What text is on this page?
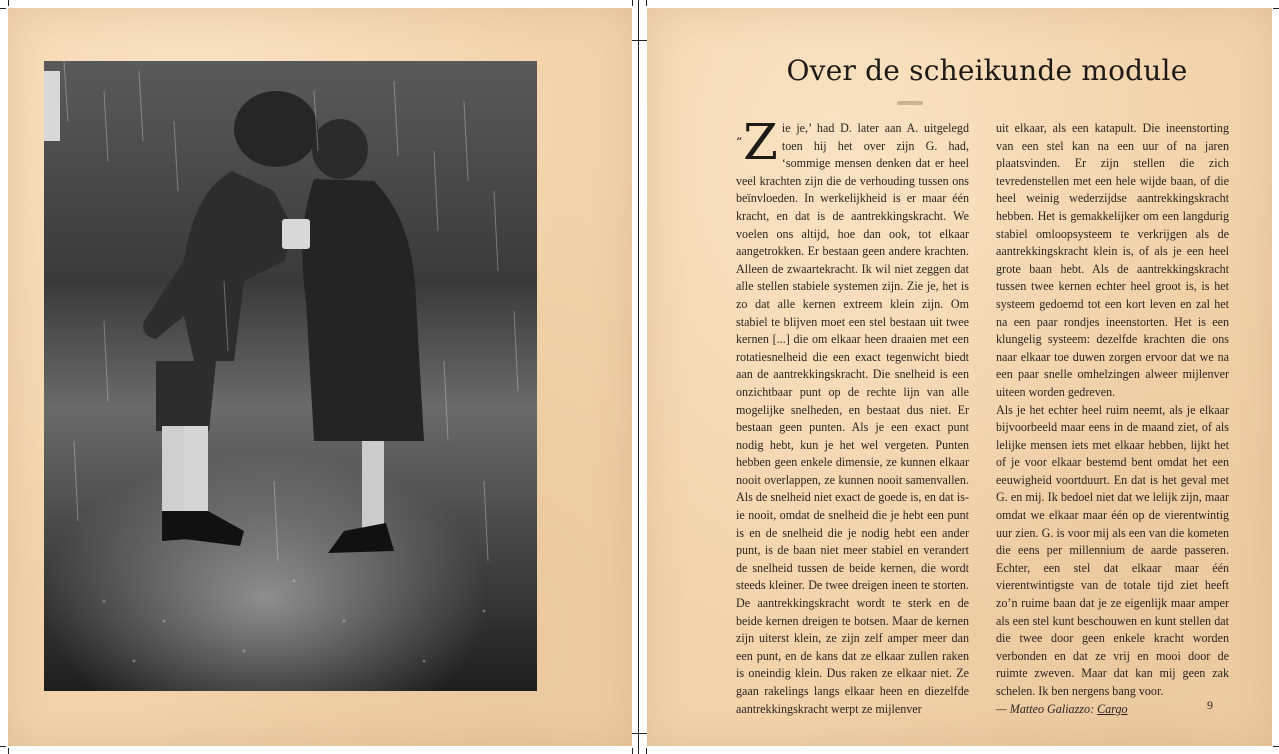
Over de scheikunde module

“Z ie je,’ had D. later aan A. uitgelegd toen hij het over zijn G. had, ‘sommige mensen denken dat er heel veel krachten zijn die de verhouding tussen ons beïnvloeden. In werkelijkheid is er maar één kracht, en dat is de aantrekkingskracht. We voelen ons altijd, hoe dan ook, tot elkaar aangetrokken. Er bestaan geen andere krachten. Alleen de zwaartekracht. Ik wil niet zeggen dat alle stellen stabiele systemen zijn. Zie je, het is zo dat alle kernen extreem klein zijn. Om stabiel te blijven moet een stel bestaan uit twee kernen [...] die om elkaar heen draaien met een rotatiesnelheid die een exact tegenwicht biedt aan de aantrekkingskracht. Die snelheid is een onzichtbaar punt op de rechte lijn van alle mogelijke snelheden, en bestaat dus niet. Er bestaan geen punten. Als je een exact punt nodig hebt, kun je het wel vergeten. Punten hebben geen enkele dimensie, ze kunnen elkaar nooit overlappen, ze kunnen nooit samenvallen. Als de snelheid niet exact de goede is, en dat is-ie nooit, omdat de snelheid die je hebt een punt is en de snelheid die je nodig hebt een ander punt, is de baan niet meer stabiel en verandert de snelheid tussen de beide kernen, die wordt steeds kleiner. De twee dreigen ineen te storten. De aantrekkingskracht wordt te sterk en de beide kernen dreigen te botsen. Maar de kernen zijn uiterst klein, ze zijn zelf amper meer dan een punt, en de kans dat ze elkaar zullen raken is oneindig klein. Dus raken ze elkaar niet. Ze gaan rakelings langs elkaar heen en diezelfde aantrekkingskracht werpt ze mijlenver

uit elkaar, als een katapult. Die ineenstorting van een stel kan na een uur of na jaren plaatsvinden. Er zijn stellen die zich tevredenstellen met een hele wijde baan, of die heel weinig wederzijdse aantrekkingskracht hebben. Het is gemakkelijker om een langdurig stabiel omloopsysteem te verkrijgen als de aantrekkingskracht klein is, of als je een heel grote baan hebt. Als de aantrekkingskracht tussen twee kernen echter heel groot is, is het systeem gedoemd tot een kort leven en zal het na een paar rondjes ineenstorten. Het is een klungelig systeem: dezelfde krachten die ons naar elkaar toe duwen zorgen ervoor dat we na een paar snelle omhelzingen alweer mijlenver uiteen worden gedreven.

Als je het echter heel ruim neemt, als je elkaar bijvoorbeeld maar eens in de maand ziet, of als lelijke mensen iets met elkaar hebben, lijkt het of je voor elkaar bestemd bent omdat het een eeuwigheid voortduurt. En dat is het geval met G. en mij. Ik bedoel niet dat we lelijk zijn, maar omdat we elkaar maar één op de vierentwintig uur zien. G. is voor mij als een van die kometen die eens per millennium de aarde passeren. Echter, een stel dat elkaar maar één vierentwintigste van de totale tijd ziet heeft zo’n ruime baan dat je ze eigenlijk maar amper als een stel kunt beschouwen en kunt stellen dat die twee door geen enkele kracht worden verbonden en dat ze vrij en mooi door de ruimte zweven. Maar dat kan mij geen zak schelen. Ik ben nergens bang voor.

— Matteo Galiazzo: Cargo	9
